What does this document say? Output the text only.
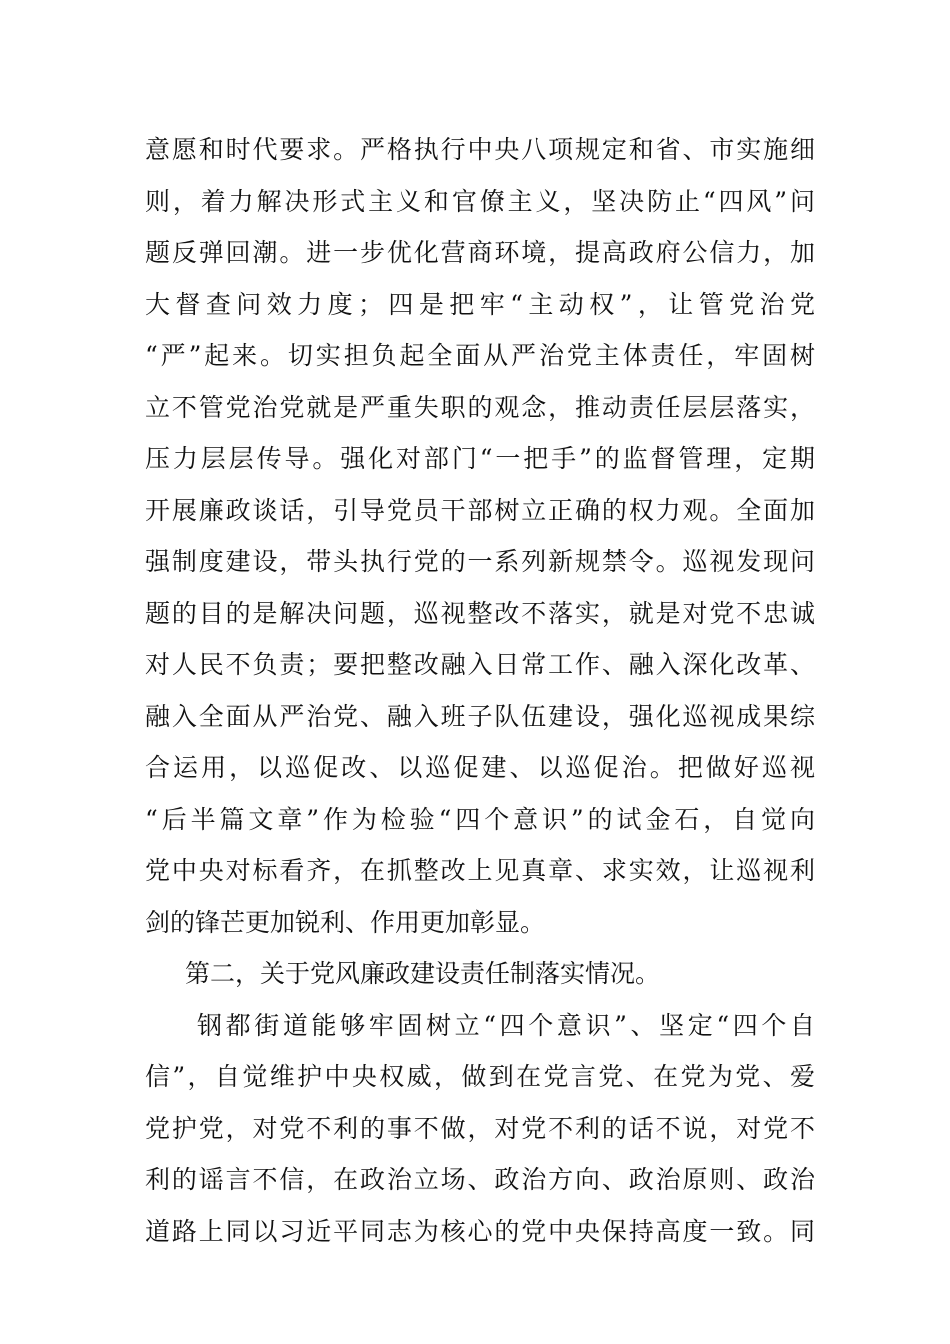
意愿和时代要求。严格执行中央八项规定和省、市实施细
则，着力解决形式主义和官僚主义，坚决防止“四风”问
题反弹回潮。进一步优化营商环境，提高政府公信力，加
大督查问效力度；四是把牢“主动权”，让管党治党
“严”起来。切实担负起全面从严治党主体责任，牢固树
立不管党治党就是严重失职的观念，推动责任层层落实，
压力层层传导。强化对部门“一把手”的监督管理，定期
开展廉政谈话，引导党员干部树立正确的权力观。全面加
强制度建设，带头执行党的一系列新规禁令。巡视发现问
题的目的是解决问题，巡视整改不落实，就是对党不忠诚
对人民不负责；要把整改融入日常工作、融入深化改革、
融入全面从严治党、融入班子队伍建设，强化巡视成果综
合运用，以巡促改、以巡促建、以巡促治。把做好巡视
“后半篇文章”作为检验“四个意识”的试金石，自觉向
党中央对标看齐，在抓整改上见真章、求实效，让巡视利
剑的锋芒更加锐利、作用更加彰显。
第二，关于党风廉政建设责任制落实情况。
钢都街道能够牢固树立“四个意识”、坚定“四个自
信”，自觉维护中央权威，做到在党言党、在党为党、爱
党护党，对党不利的事不做，对党不利的话不说，对党不
利的谣言不信，在政治立场、政治方向、政治原则、政治
道路上同以习近平同志为核心的党中央保持高度一致。同
